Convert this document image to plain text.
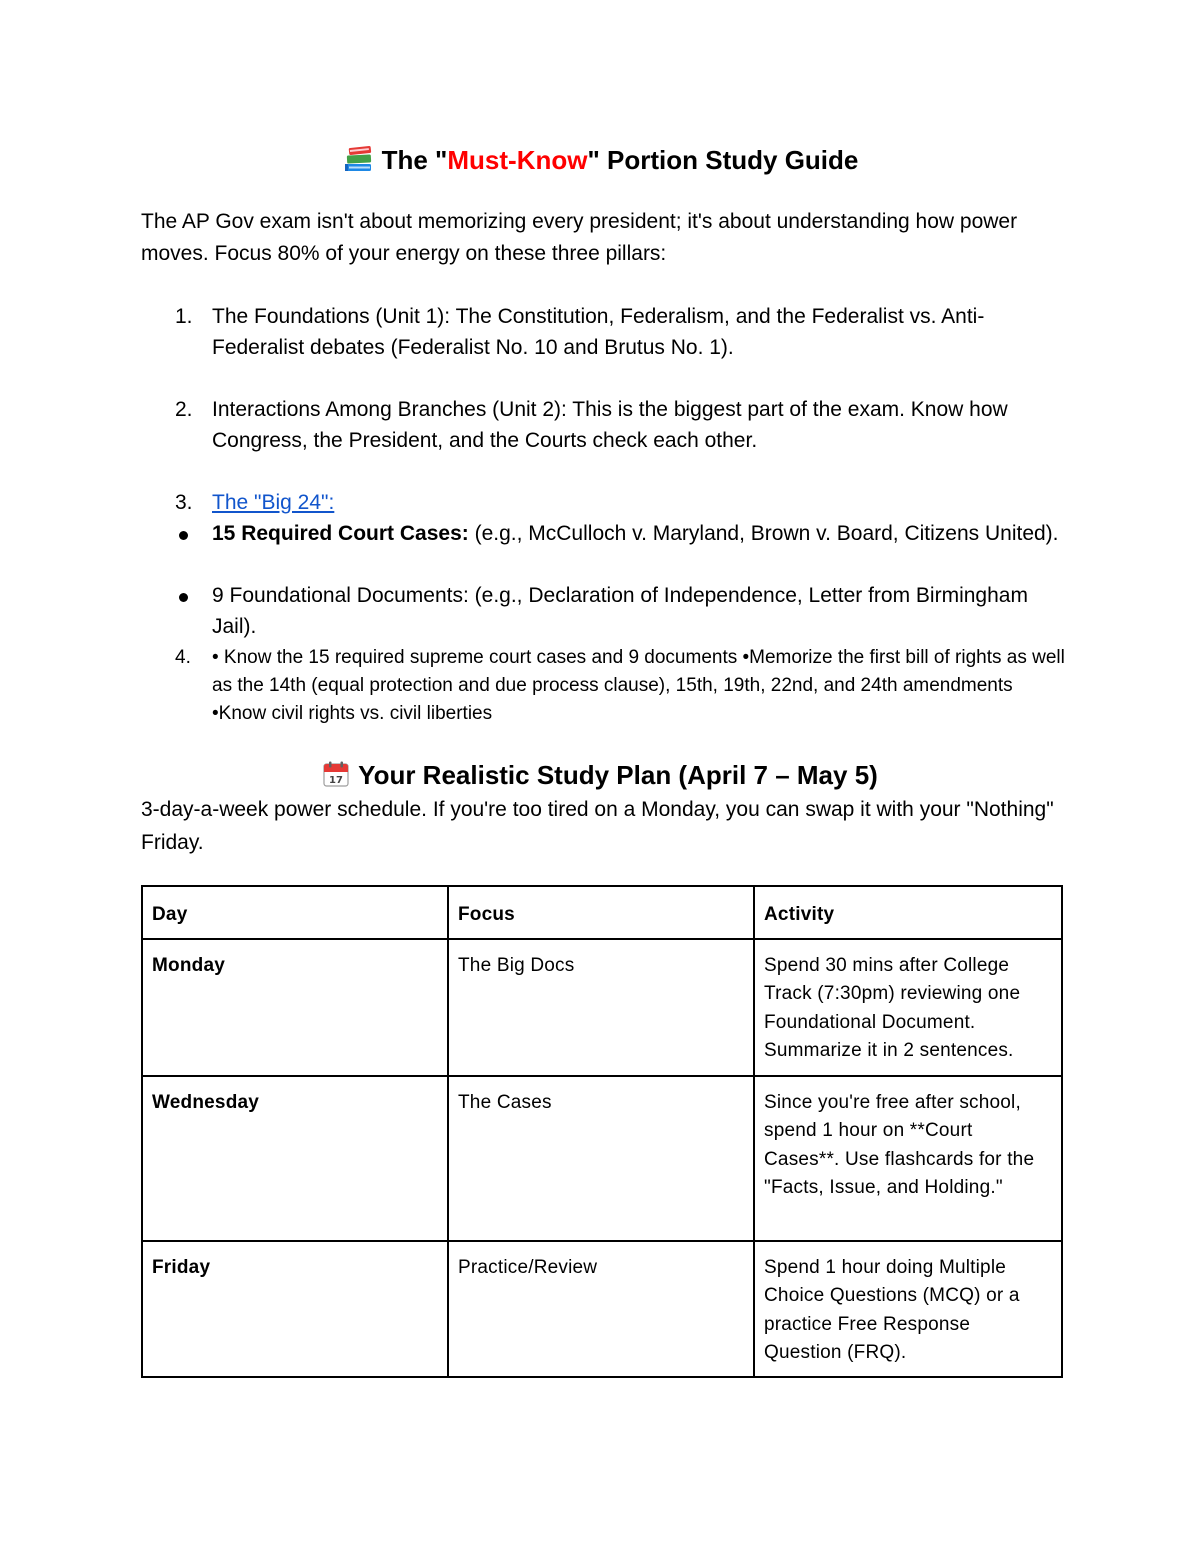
The "Must-Know" Portion Study Guide
The AP Gov exam isn't about memorizing every president; it's about understanding how power moves. Focus 80% of your energy on these three pillars:
1. The Foundations (Unit 1): The Constitution, Federalism, and the Federalist vs. Anti-Federalist debates (Federalist No. 10 and Brutus No. 1).
2. Interactions Among Branches (Unit 2): This is the biggest part of the exam. Know how Congress, the President, and the Courts check each other.
3. The "Big 24":
15 Required Court Cases: (e.g., McCulloch v. Maryland, Brown v. Board, Citizens United).
9 Foundational Documents: (e.g., Declaration of Independence, Letter from Birmingham Jail).
4. • Know the 15 required supreme court cases and 9 documents •Memorize the first bill of rights as well as the 14th (equal protection and due process clause), 15th, 19th, 22nd, and 24th amendments •Know civil rights vs. civil liberties
17 Your Realistic Study Plan (April 7 – May 5)
3-day-a-week power schedule. If you're too tired on a Monday, you can swap it with your "Nothing" Friday.
Day	Focus	Activity
Monday	The Big Docs	Spend 30 mins after College Track (7:30pm) reviewing one Foundational Document. Summarize it in 2 sentences.
Wednesday	The Cases	Since you're free after school, spend 1 hour on **Court Cases**. Use flashcards for the "Facts, Issue, and Holding."
Friday	Practice/Review	Spend 1 hour doing Multiple Choice Questions (MCQ) or a practice Free Response Question (FRQ).
